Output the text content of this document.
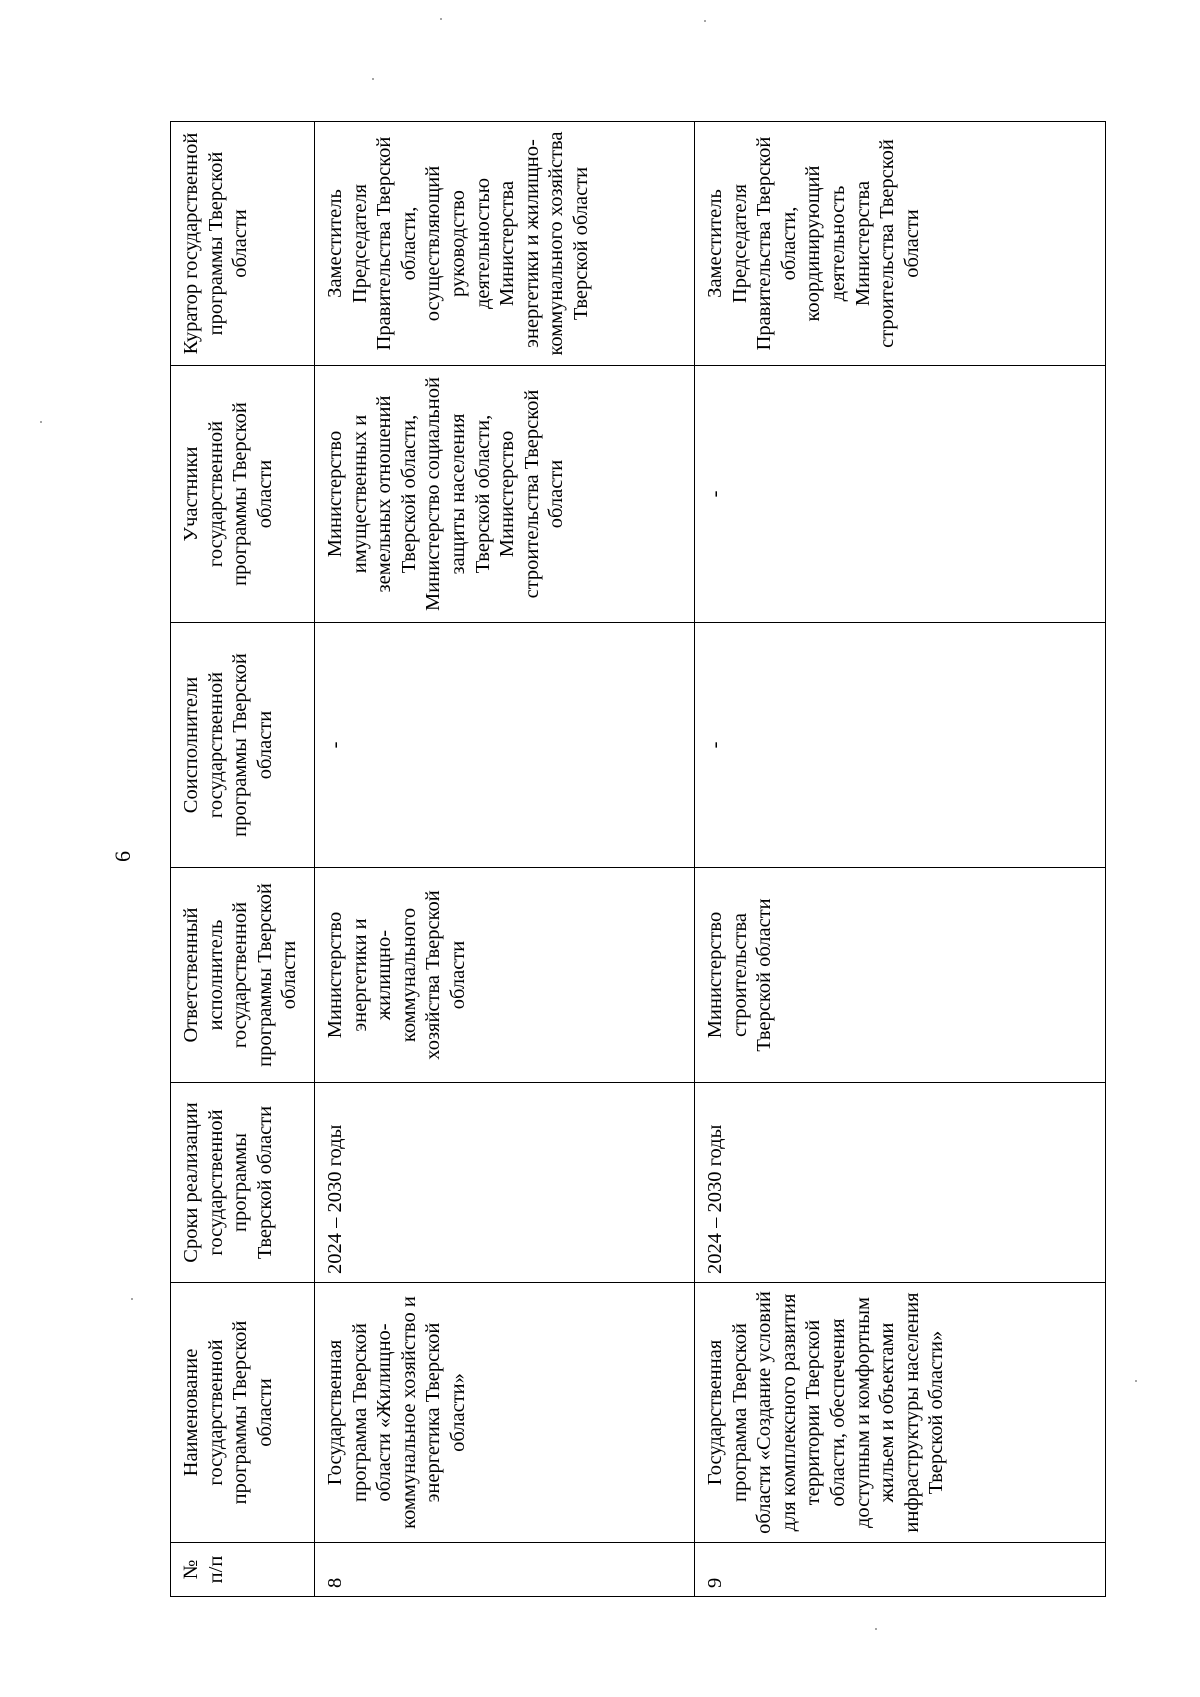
6
№ п/п	Наименование государственной программы Тверской области	Сроки реализации государственной программы Тверской области	Ответственный исполнитель государственной программы Тверской области	Соисполнители государственной программы Тверской области	Участники государственной программы Тверской области	Куратор государственной программы Тверской области
8	Государственная программа Тверской области «Жилищно-коммунальное хозяйство и энергетика Тверской области»	2024 – 2030 годы	Министерство энергетики и жилищно-коммунального хозяйства Тверской области	-	Министерство имущественных и земельных отношений Тверской области, Министерство социальной защиты населения Тверской области, Министерство строительства Тверской области	Заместитель Председателя Правительства Тверской области, осуществляющий руководство деятельностью Министерства энергетики и жилищно-коммунального хозяйства Тверской области
9	Государственная программа Тверской области «Создание условий для комплексного развития территории Тверской области, обеспечения доступным и комфортным жильем и объектами инфраструктуры населения Тверской области»	2024 – 2030 годы	Министерство строительства Тверской области	-	-	Заместитель Председателя Правительства Тверской области, координирующий деятельность Министерства строительства Тверской области
